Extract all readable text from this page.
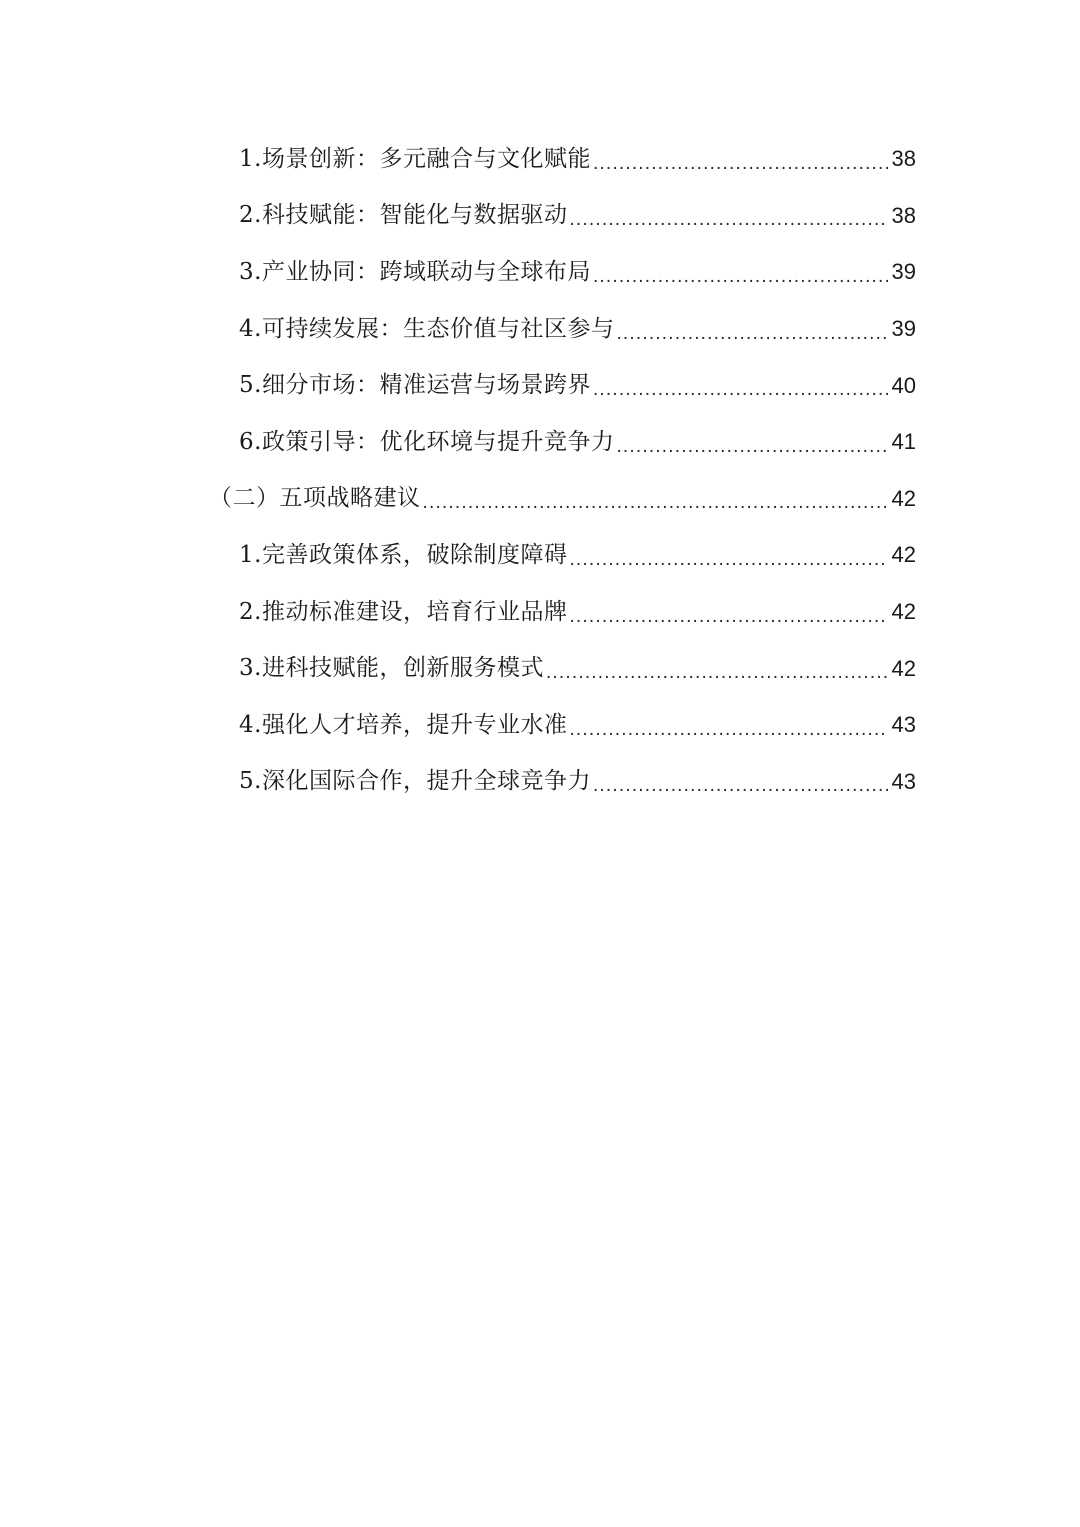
1.场景创新：多元融合与文化赋能 .....	38
2.科技赋能：智能化与数据驱动 .....	38
3.产业协同：跨域联动与全球布局 .....	39
4.可持续发展：生态价值与社区参与 .....	39
5.细分市场：精准运营与场景跨界 .....	40
6.政策引导：优化环境与提升竞争力 .....	41
（二）五项战略建议 .....	42
1.完善政策体系，破除制度障碍 .....	42
2.推动标准建设，培育行业品牌 .....	42
3.进科技赋能，创新服务模式 .....	42
4.强化人才培养，提升专业水准 .....	43
5.深化国际合作，提升全球竞争力 .....	43
